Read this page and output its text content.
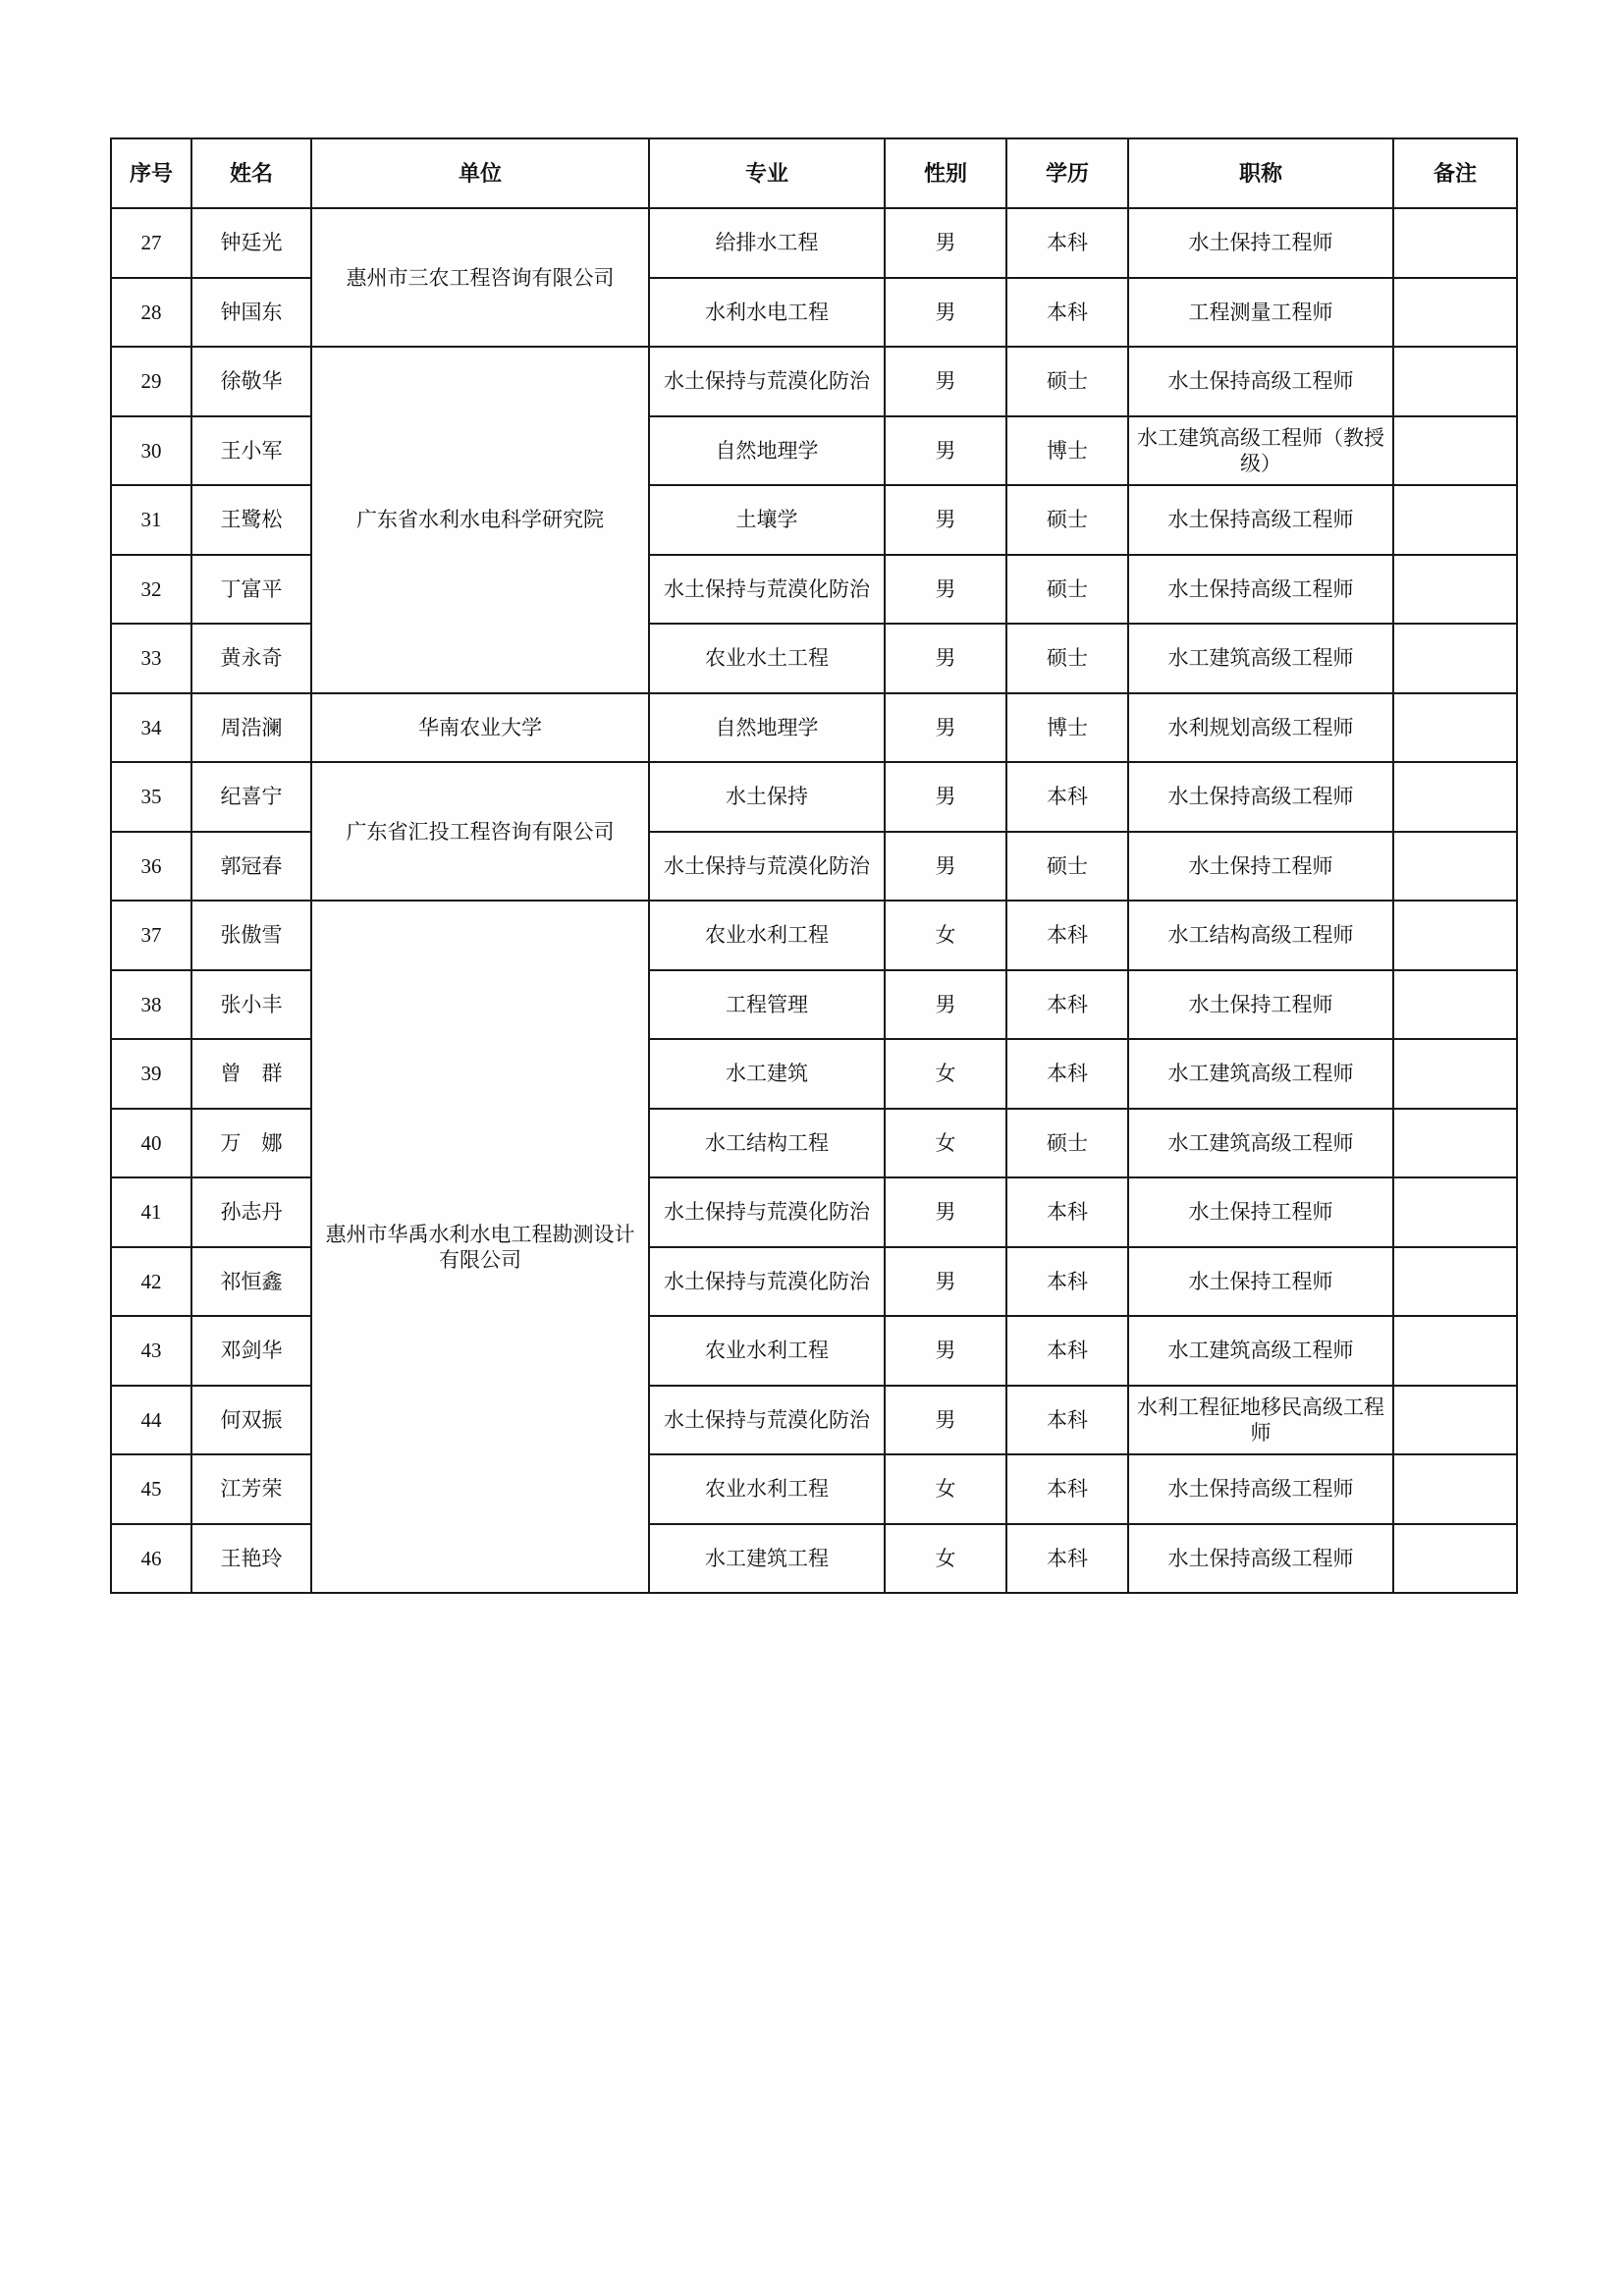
序号	姓名	单位	专业	性别	学历	职称	备注
27	钟廷光	惠州市三农工程咨询有限公司	给排水工程	男	本科	水土保持工程师	
28	钟国东		水利水电工程	男	本科	工程测量工程师	
29	徐敬华	广东省水利水电科学研究院	水土保持与荒漠化防治	男	硕士	水土保持高级工程师	
30	王小军		自然地理学	男	博士	水工建筑高级工程师（教授级）	
31	王鹭松		土壤学	男	硕士	水土保持高级工程师	
32	丁富平		水土保持与荒漠化防治	男	硕士	水土保持高级工程师	
33	黄永奇		农业水土工程	男	硕士	水工建筑高级工程师	
34	周浩澜	华南农业大学	自然地理学	男	博士	水利规划高级工程师	
35	纪喜宁	广东省汇投工程咨询有限公司	水土保持	男	本科	水土保持高级工程师	
36	郭冠春		水土保持与荒漠化防治	男	硕士	水土保持工程师	
37	张傲雪	惠州市华禹水利水电工程勘测设计有限公司	农业水利工程	女	本科	水工结构高级工程师	
38	张小丰		工程管理	男	本科	水土保持工程师	
39	曾　群		水工建筑	女	本科	水工建筑高级工程师	
40	万　娜		水工结构工程	女	硕士	水工建筑高级工程师	
41	孙志丹		水土保持与荒漠化防治	男	本科	水土保持工程师	
42	祁恒鑫		水土保持与荒漠化防治	男	本科	水土保持工程师	
43	邓剑华		农业水利工程	男	本科	水工建筑高级工程师	
44	何双振		水土保持与荒漠化防治	男	本科	水利工程征地移民高级工程师	
45	江芳荣		农业水利工程	女	本科	水土保持高级工程师	
46	王艳玲		水工建筑工程	女	本科	水土保持高级工程师	
